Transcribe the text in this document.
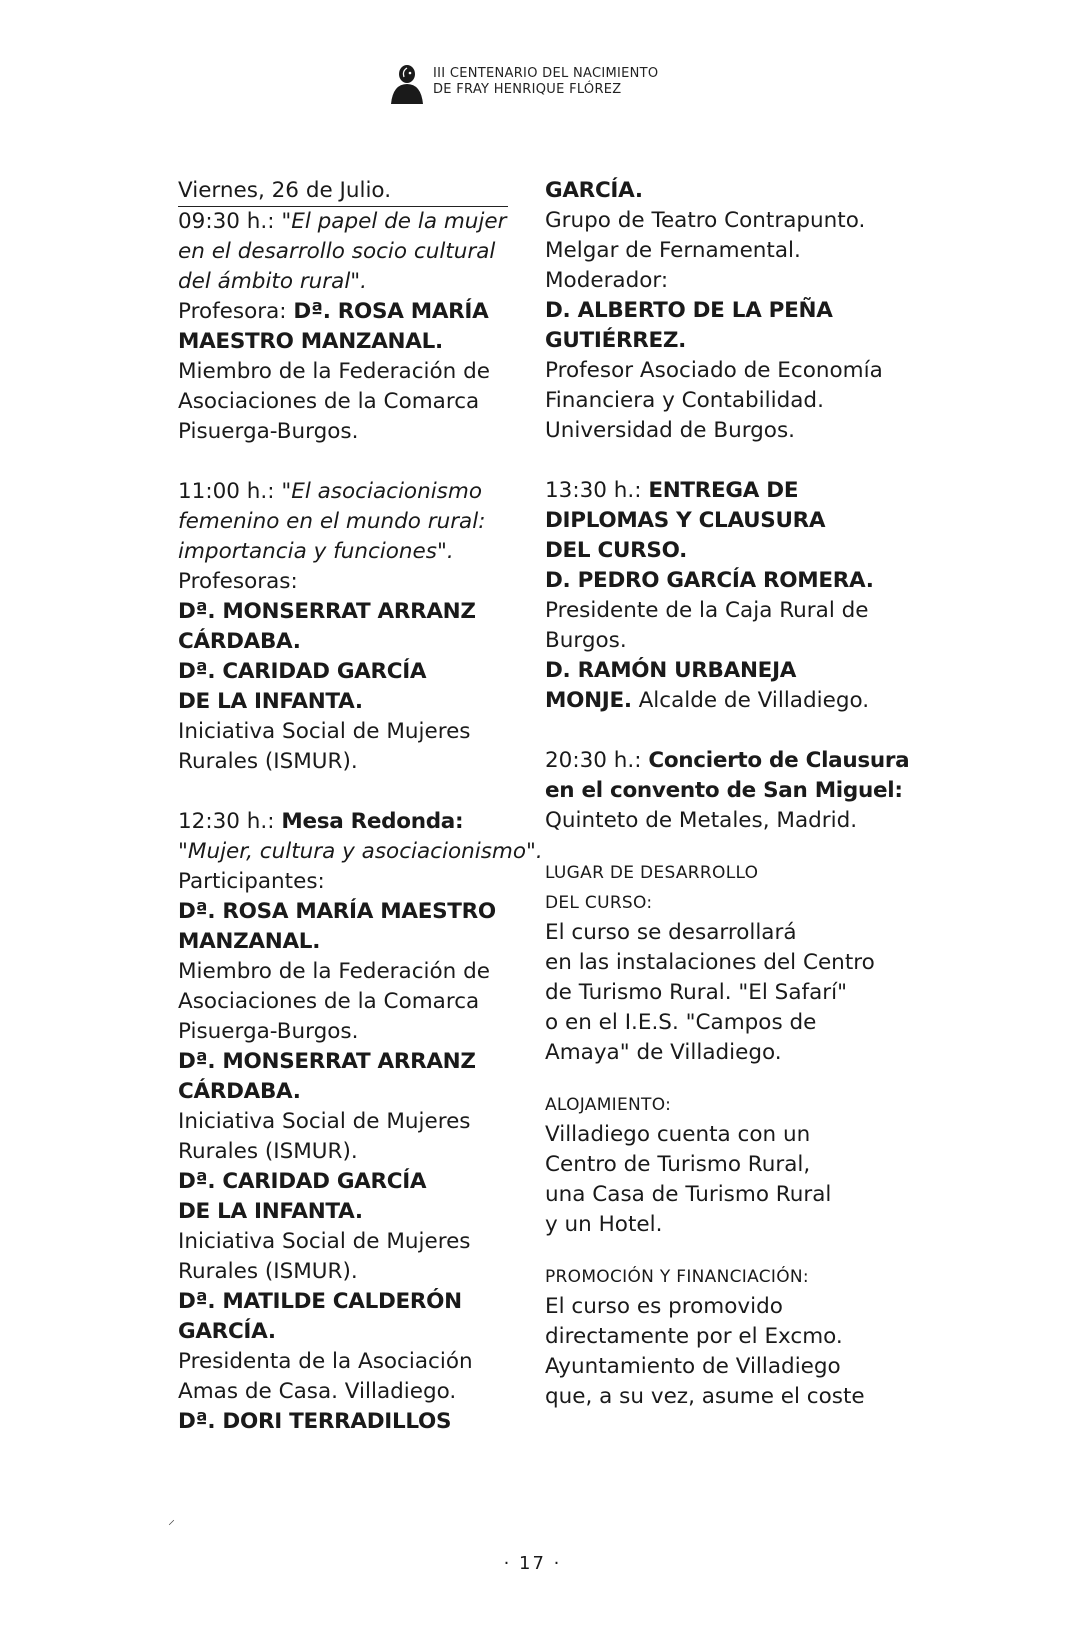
III CENTENARIO DEL NACIMIENTO
DE FRAY HENRIQUE FLÓREZ
Viernes, 26 de Julio.
09:30 h.: "El papel de la mujer
en el desarrollo socio cultural
del ámbito rural".
Profesora: Dª. ROSA MARÍA
MAESTRO MANZANAL.
Miembro de la Federación de
Asociaciones de la Comarca
Pisuerga-Burgos.
11:00 h.: "El asociacionismo
femenino en el mundo rural:
importancia y funciones".
Profesoras:
Dª. MONSERRAT ARRANZ
CÁRDABA.
Dª. CARIDAD GARCÍA
DE LA INFANTA.
Iniciativa Social de Mujeres
Rurales (ISMUR).
12:30 h.: Mesa Redonda:
"Mujer, cultura y asociacionismo".
Participantes:
Dª. ROSA MARÍA MAESTRO
MANZANAL.
Miembro de la Federación de
Asociaciones de la Comarca
Pisuerga-Burgos.
Dª. MONSERRAT ARRANZ
CÁRDABA.
Iniciativa Social de Mujeres
Rurales (ISMUR).
Dª. CARIDAD GARCÍA
DE LA INFANTA.
Iniciativa Social de Mujeres
Rurales (ISMUR).
Dª. MATILDE CALDERÓN
GARCÍA.
Presidenta de la Asociación
Amas de Casa. Villadiego.
Dª. DORI TERRADILLOS
GARCÍA.
Grupo de Teatro Contrapunto.
Melgar de Fernamental.
Moderador:
D. ALBERTO DE LA PEÑA
GUTIÉRREZ.
Profesor Asociado de Economía
Financiera y Contabilidad.
Universidad de Burgos.
13:30 h.: ENTREGA DE
DIPLOMAS Y CLAUSURA
DEL CURSO.
D. PEDRO GARCÍA ROMERA.
Presidente de la Caja Rural de
Burgos.
D. RAMÓN URBANEJA
MONJE. Alcalde de Villadiego.
20:30 h.: Concierto de Clausura
en el convento de San Miguel:
Quinteto de Metales, Madrid.
LUGAR DE DESARROLLO
DEL CURSO:
El curso se desarrollará
en las instalaciones del Centro
de Turismo Rural. "El Safarí"
o en el I.E.S. "Campos de
Amaya" de Villadiego.
ALOJAMIENTO:
Villadiego cuenta con un
Centro de Turismo Rural,
una Casa de Turismo Rural
y un Hotel.
PROMOCIÓN Y FINANCIACIÓN:
El curso es promovido
directamente por el Excmo.
Ayuntamiento de Villadiego
que, a su vez, asume el coste
⸝
· 17 ·
